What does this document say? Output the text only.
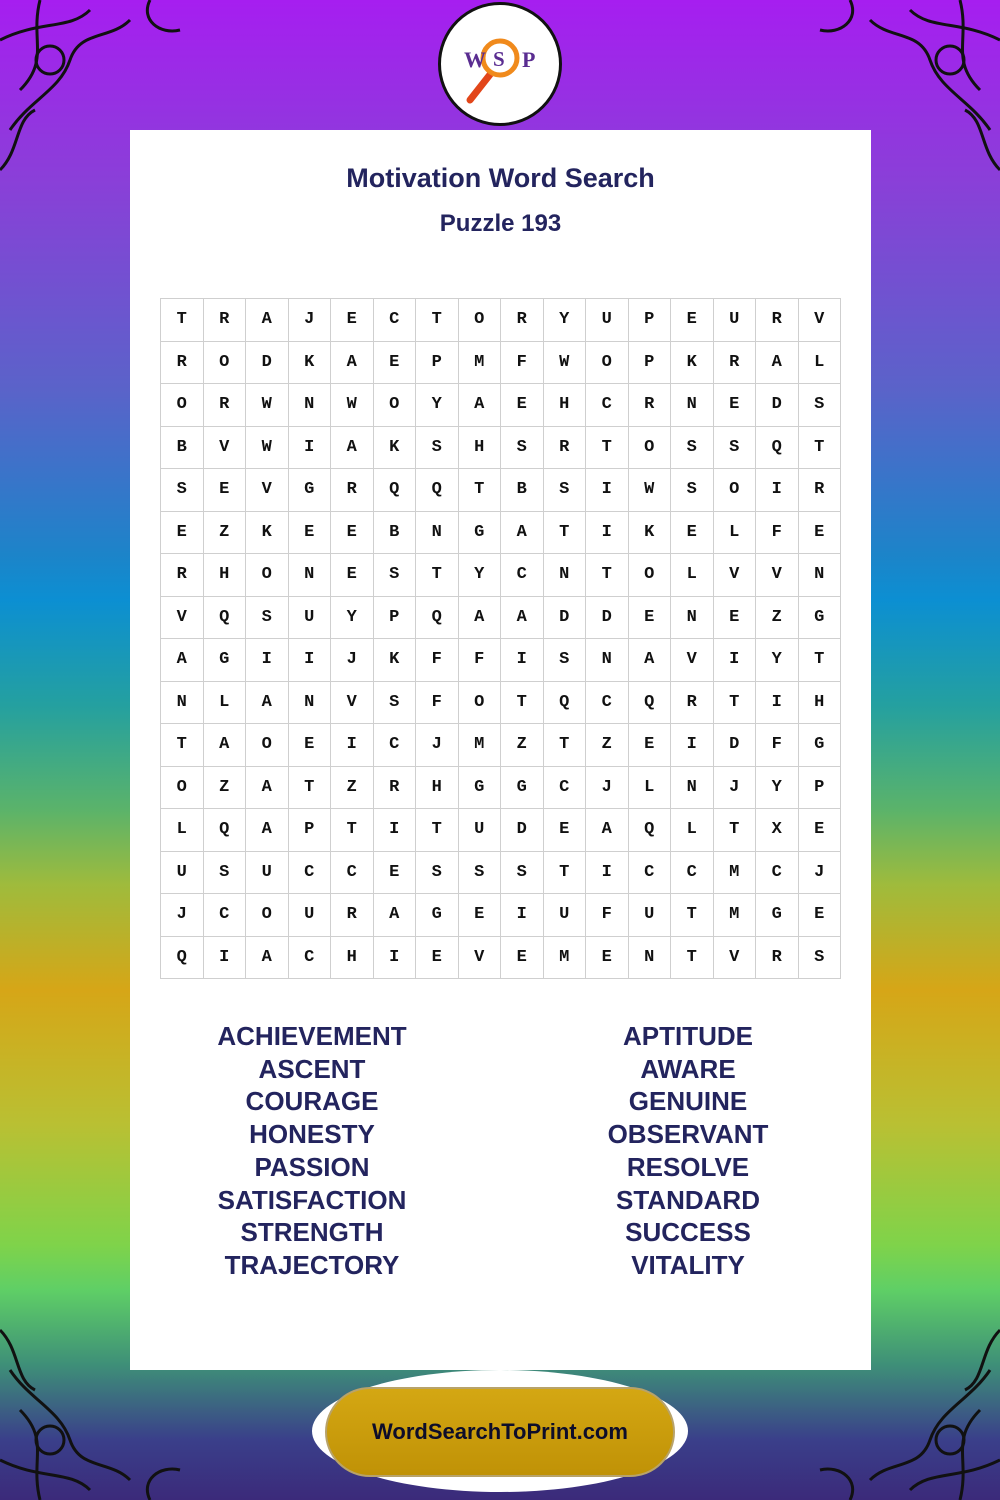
W S P
Motivation Word Search
Puzzle 193
T	R	A	J	E	C	T	O	R	Y	U	P	E	U	R	V
R	O	D	K	A	E	P	M	F	W	O	P	K	R	A	L
O	R	W	N	W	O	Y	A	E	H	C	R	N	E	D	S
B	V	W	I	A	K	S	H	S	R	T	O	S	S	Q	T
S	E	V	G	R	Q	Q	T	B	S	I	W	S	O	I	R
E	Z	K	E	E	B	N	G	A	T	I	K	E	L	F	E
R	H	O	N	E	S	T	Y	C	N	T	O	L	V	V	N
V	Q	S	U	Y	P	Q	A	A	D	D	E	N	E	Z	G
A	G	I	I	J	K	F	F	I	S	N	A	V	I	Y	T
N	L	A	N	V	S	F	O	T	Q	C	Q	R	T	I	H
T	A	O	E	I	C	J	M	Z	T	Z	E	I	D	F	G
O	Z	A	T	Z	R	H	G	G	C	J	L	N	J	Y	P
L	Q	A	P	T	I	T	U	D	E	A	Q	L	T	X	E
U	S	U	C	C	E	S	S	S	T	I	C	C	M	C	J
J	C	O	U	R	A	G	E	I	U	F	U	T	M	G	E
Q	I	A	C	H	I	E	V	E	M	E	N	T	V	R	S
ACHIEVEMENT
ASCENT
COURAGE
HONESTY
PASSION
SATISFACTION
STRENGTH
TRAJECTORY
APTITUDE
AWARE
GENUINE
OBSERVANT
RESOLVE
STANDARD
SUCCESS
VITALITY
WordSearchToPrint.com
